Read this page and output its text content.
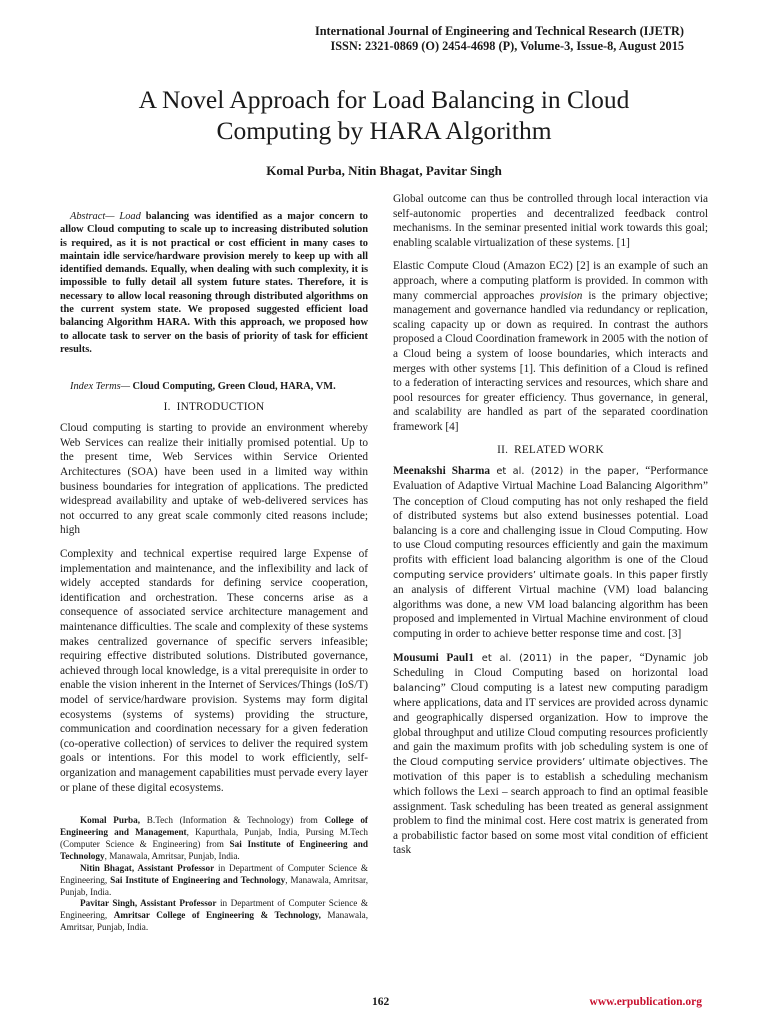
International Journal of Engineering and Technical Research (IJETR)
ISSN: 2321-0869 (O) 2454-4698 (P), Volume-3, Issue-8, August 2015
A Novel Approach for Load Balancing in Cloud
Computing by HARA Algorithm
Komal Purba, Nitin Bhagat, Pavitar Singh

Abstract— Load balancing was identified as a major concern to allow Cloud computing to scale up to increasing distributed solution is required, as it is not practical or cost efficient in many cases to maintain idle service/hardware provision merely to keep up with all identified demands. Equally, when dealing with such complexity, it is impossible to fully detail all system future states. Therefore, it is necessary to allow local reasoning through distributed algorithms on the current system state. We proposed suggested efficient load balancing Algorithm HARA. With this approach, we proposed how to allocate task to server on the basis of priority of task for efficient results.

Index Terms— Cloud Computing, Green Cloud, HARA, VM.

I. INTRODUCTION

Cloud computing is starting to provide an environment whereby Web Services can realize their initially promised potential. Up to the present time, Web Services within Service Oriented Architectures (SOA) have been used in a limited way within business boundaries for integration of applications. The predicted widespread availability and uptake of web-delivered services has not occurred to any great scale commonly cited reasons include; high

Complexity and technical expertise required large Expense of implementation and maintenance, and the inflexibility and lack of widely accepted standards for defining service cooperation, identification and orchestration. These concerns arise as a consequence of associated service architecture management and maintenance difficulties. The scale and complexity of these systems makes centralized governance of specific servers infeasible; requiring effective distributed solutions. Distributed governance, achieved through local knowledge, is a vital prerequisite in order to enable the vision inherent in the Internet of Services/Things (IoS/T) model of service/hardware provision. Systems may form digital ecosystems (systems of systems) providing the structure, communication and coordination necessary for a given federation (co-operative collection) of services to deliver the required system goals or intentions. For this model to work efficiently, self-organization and management capabilities must pervade every layer or plane of these digital ecosystems.

Komal Purba, B.Tech (Information & Technology) from College of Engineering and Management, Kapurthala, Punjab, India, Pursing M.Tech (Computer Science & Engineering) from Sai Institute of Engineering and Technology, Manawala, Amritsar, Punjab, India.

Nitin Bhagat, Assistant Professor in Department of Computer Science & Engineering, Sai Institute of Engineering and Technology, Manawala, Amritsar, Punjab, India.

Pavitar Singh, Assistant Professor in Department of Computer Science & Engineering, Amritsar College of Engineering & Technology, Manawala, Amritsar, Punjab, India.

Global outcome can thus be controlled through local interaction via self-autonomic properties and decentralized feedback control mechanisms. In the seminar presented initial work towards this goal; enabling scalable virtualization of these systems. [1]

Elastic Compute Cloud (Amazon EC2) [2] is an example of such an approach, where a computing platform is provided. In common with many commercial approaches provision is the primary objective; management and governance handled via redundancy or replication, scaling capacity up or down as required. In contrast the authors proposed a Cloud Coordination framework in 2005 with the notion of a Cloud being a system of loose boundaries, which interacts and merges with other systems [1]. This definition of a Cloud is refined to a federation of interacting services and resources, which share and pool resources for greater efficiency. Thus governance, in general, and scalability are handled as part of the separated coordination framework [4]

II. RELATED WORK

Meenakshi Sharma et al. (2012) in the paper, “Performance Evaluation of Adaptive Virtual Machine Load Balancing Algorithm” The conception of Cloud computing has not only reshaped the field of distributed systems but also extend businesses potential. Load balancing is a core and challenging issue in Cloud Computing. How to use Cloud computing resources efficiently and gain the maximum profits with efficient load balancing algorithm is one of the Cloud computing service providers’ ultimate goals. In this paper firstly an analysis of different Virtual machine (VM) load balancing algorithms was done, a new VM load balancing algorithm has been proposed and implemented in Virtual Machine environment of cloud computing in order to achieve better response time and cost. [3]

Mousumi Paul1 et al. (2011) in the paper, “Dynamic job Scheduling in Cloud Computing based on horizontal load balancing” Cloud computing is a latest new computing paradigm where applications, data and IT services are provided across dynamic and geographically dispersed organization. How to improve the global throughput and utilize Cloud computing resources proficiently and gain the maximum profits with job scheduling system is one of the Cloud computing service providers’ ultimate objectives. The motivation of this paper is to establish a scheduling mechanism which follows the Lexi – search approach to find an optimal feasible assignment. Task scheduling has been treated as general assignment problem to find the minimal cost. Here cost matrix is generated from a probabilistic factor based on some most vital condition of efficient task

162	www.erpublication.org
